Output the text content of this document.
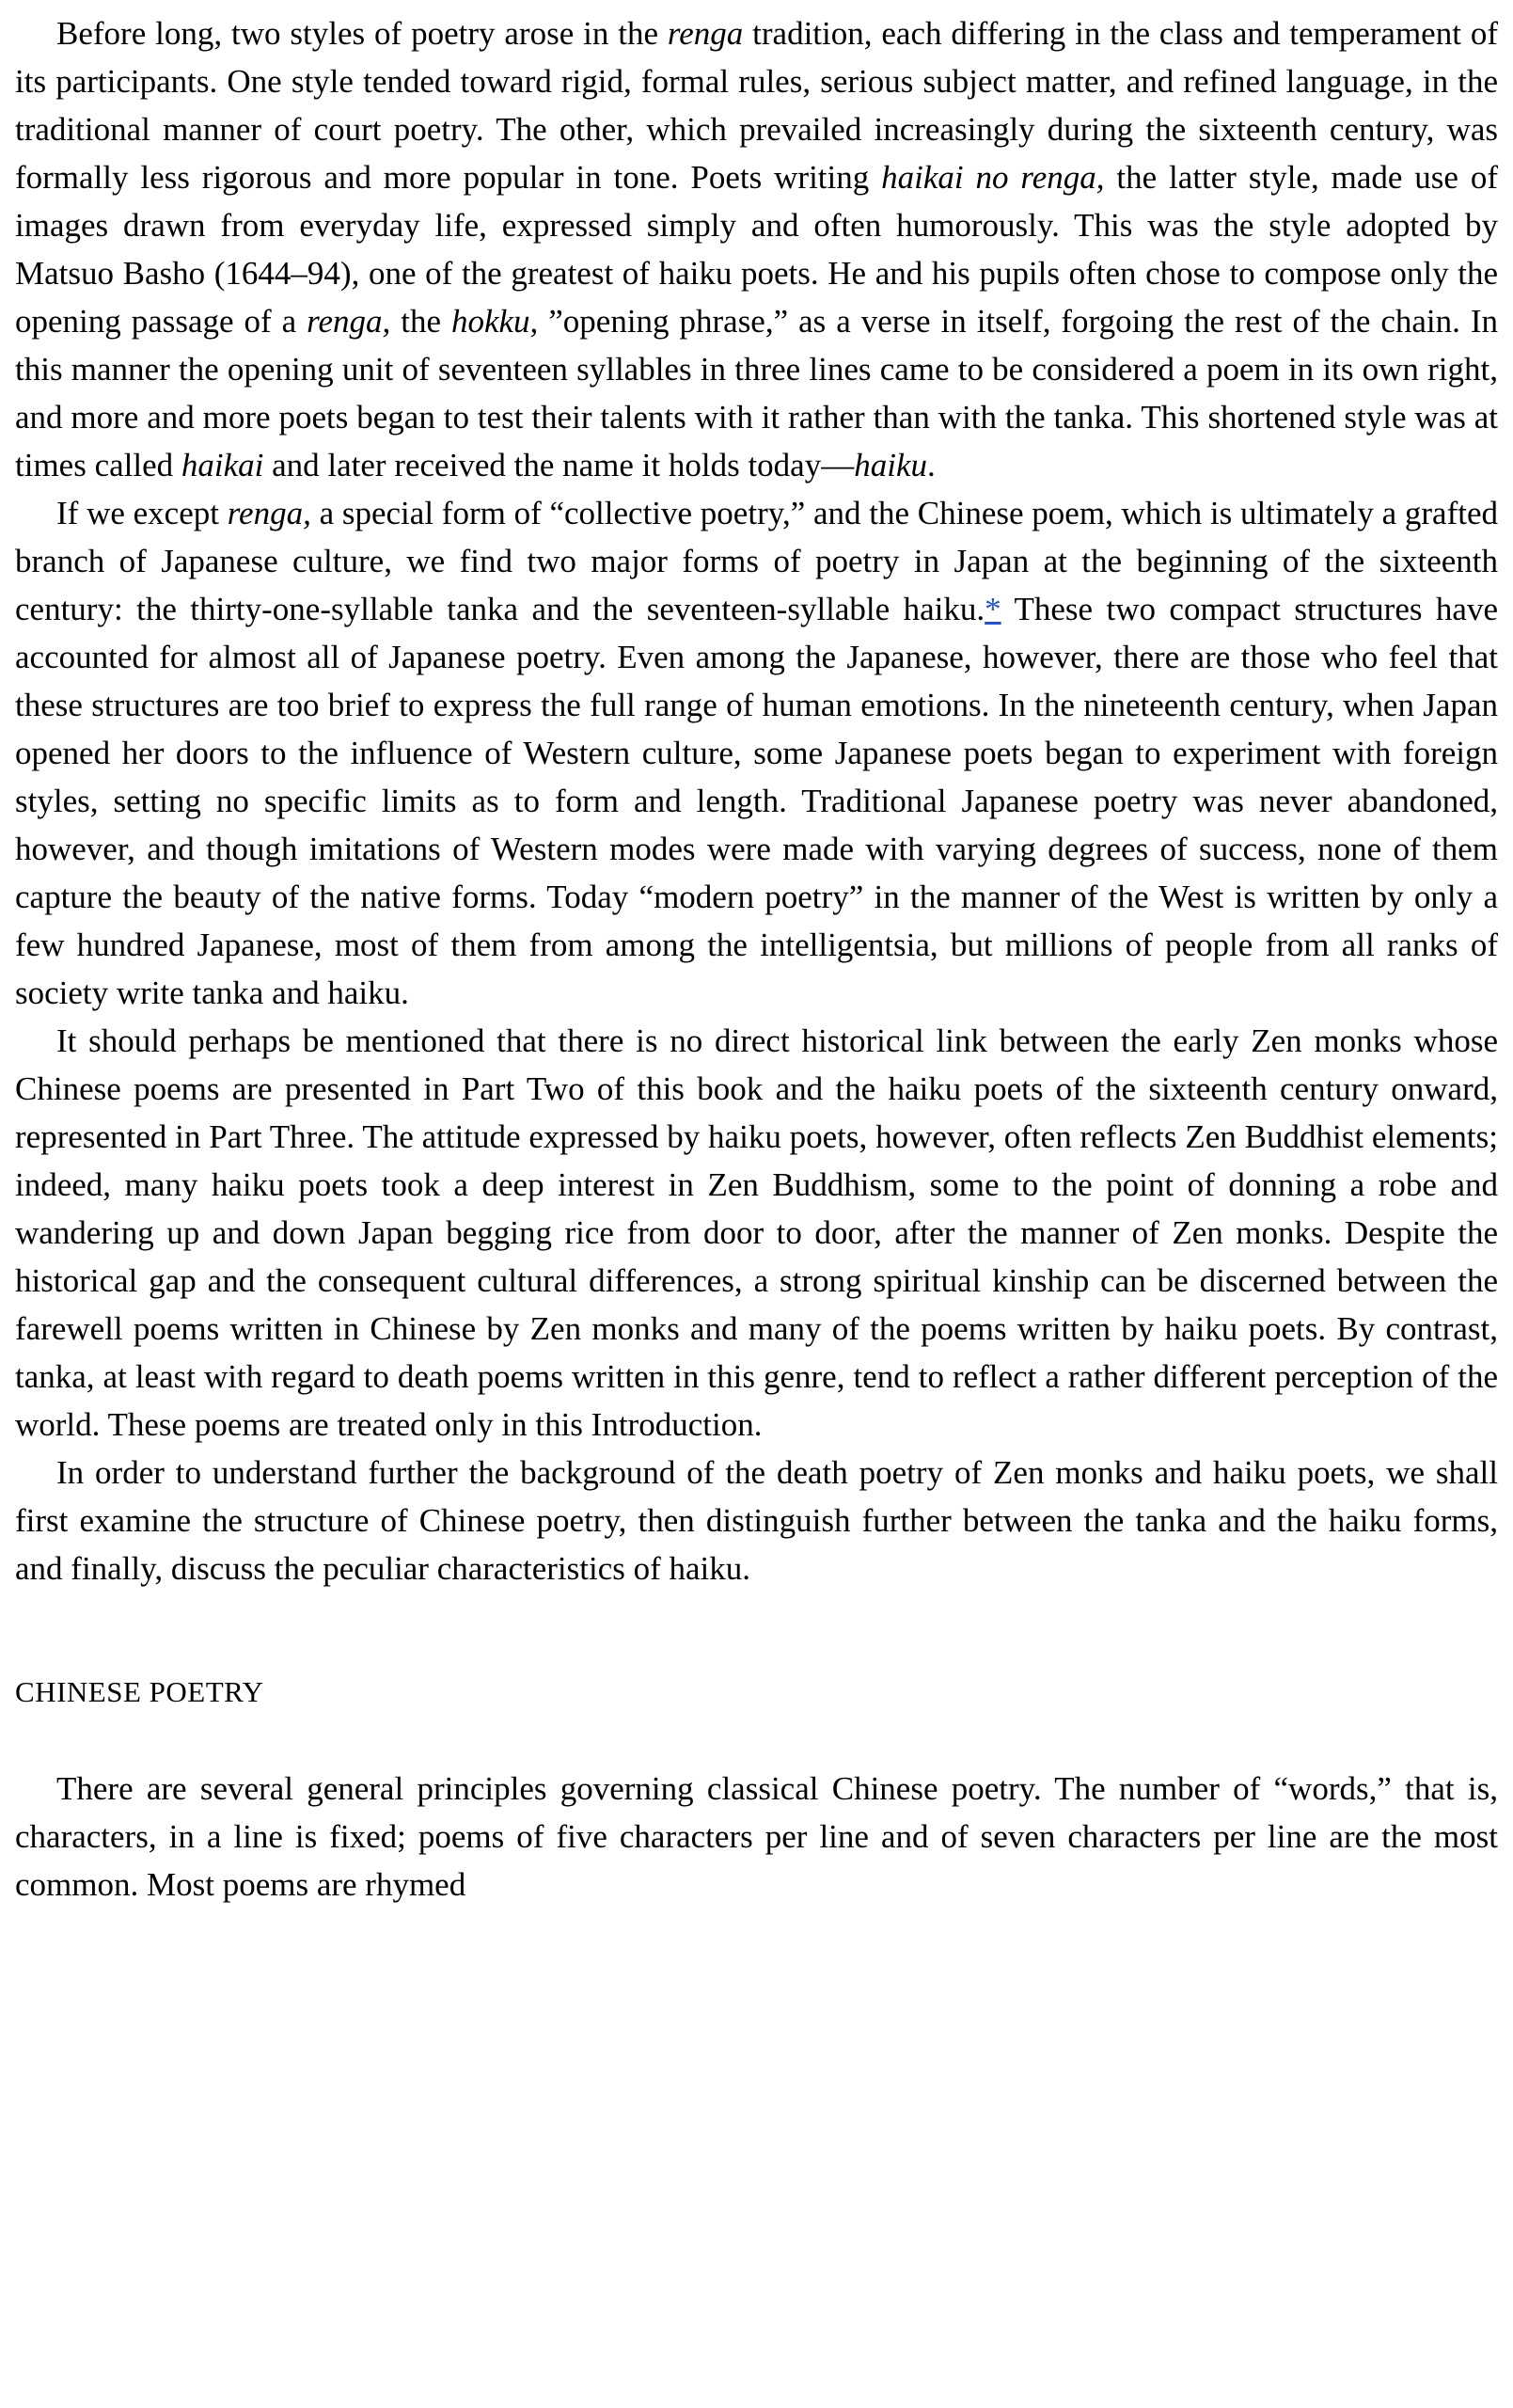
Before long, two styles of poetry arose in the renga tradition, each differing in the class and temperament of its participants. One style tended toward rigid, formal rules, serious subject matter, and refined language, in the traditional manner of court poetry. The other, which prevailed increasingly during the sixteenth century, was formally less rigorous and more popular in tone. Poets writing haikai no renga, the latter style, made use of images drawn from everyday life, expressed simply and often humorously. This was the style adopted by Matsuo Basho (1644–94), one of the greatest of haiku poets. He and his pupils often chose to compose only the opening passage of a renga, the hokku, ”opening phrase,” as a verse in itself, forgoing the rest of the chain. In this manner the opening unit of seventeen syllables in three lines came to be considered a poem in its own right, and more and more poets began to test their talents with it rather than with the tanka. This shortened style was at times called haikai and later received the name it holds today—haiku.

If we except renga, a special form of “collective poetry,” and the Chinese poem, which is ultimately a grafted branch of Japanese culture, we find two major forms of poetry in Japan at the beginning of the sixteenth century: the thirty-one-syllable tanka and the seventeen-syllable haiku.* These two compact structures have accounted for almost all of Japanese poetry. Even among the Japanese, however, there are those who feel that these structures are too brief to express the full range of human emotions. In the nineteenth century, when Japan opened her doors to the influence of Western culture, some Japanese poets began to experiment with foreign styles, setting no specific limits as to form and length. Traditional Japanese poetry was never abandoned, however, and though imitations of Western modes were made with varying degrees of success, none of them capture the beauty of the native forms. Today “modern poetry” in the manner of the West is written by only a few hundred Japanese, most of them from among the intelligentsia, but millions of people from all ranks of society write tanka and haiku.

It should perhaps be mentioned that there is no direct historical link between the early Zen monks whose Chinese poems are presented in Part Two of this book and the haiku poets of the sixteenth century onward, represented in Part Three. The attitude expressed by haiku poets, however, often reflects Zen Buddhist elements; indeed, many haiku poets took a deep interest in Zen Buddhism, some to the point of donning a robe and wandering up and down Japan begging rice from door to door, after the manner of Zen monks. Despite the historical gap and the consequent cultural differences, a strong spiritual kinship can be discerned between the farewell poems written in Chinese by Zen monks and many of the poems written by haiku poets. By contrast, tanka, at least with regard to death poems written in this genre, tend to reflect a rather different perception of the world. These poems are treated only in this Introduction.

In order to understand further the background of the death poetry of Zen monks and haiku poets, we shall first examine the structure of Chinese poetry, then distinguish further between the tanka and the haiku forms, and finally, discuss the peculiar characteristics of haiku.

CHINESE POETRY

There are several general principles governing classical Chinese poetry. The number of “words,” that is, characters, in a line is fixed; poems of five characters per line and of seven characters per line are the most common. Most poems are rhymed
